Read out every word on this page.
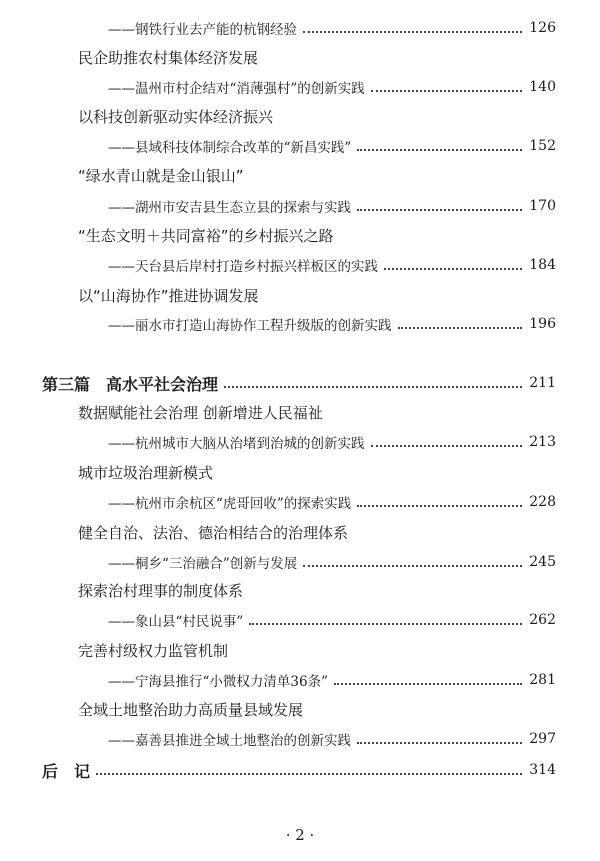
——钢铁行业去产能的杭钢经验	126
民企助推农村集体经济发展
——温州市村企结对“消薄强村”的创新实践	140
以科技创新驱动实体经济振兴
——县域科技体制综合改革的“新昌实践”	152
“绿水青山就是金山银山”
——湖州市安吉县生态立县的探索与实践	170
“生态文明＋共同富裕”的乡村振兴之路
——天台县后岸村打造乡村振兴样板区的实践	184
以“山海协作”推进协调发展
——丽水市打造山海协作工程升级版的创新实践	196
第三篇 高水平社会治理	211
数据赋能社会治理 创新增进人民福祉
——杭州城市大脑从治堵到治城的创新实践	213
城市垃圾治理新模式
——杭州市余杭区“虎哥回收”的探索实践	228
健全自治、法治、德治相结合的治理体系
——桐乡“三治融合”创新与发展	245
探索治村理事的制度体系
——象山县“村民说事”	262
完善村级权力监管机制
——宁海县推行“小微权力清单36条”	281
全域土地整治助力高质量县域发展
——嘉善县推进全域土地整治的创新实践	297
后　记	314
· 2 ·
